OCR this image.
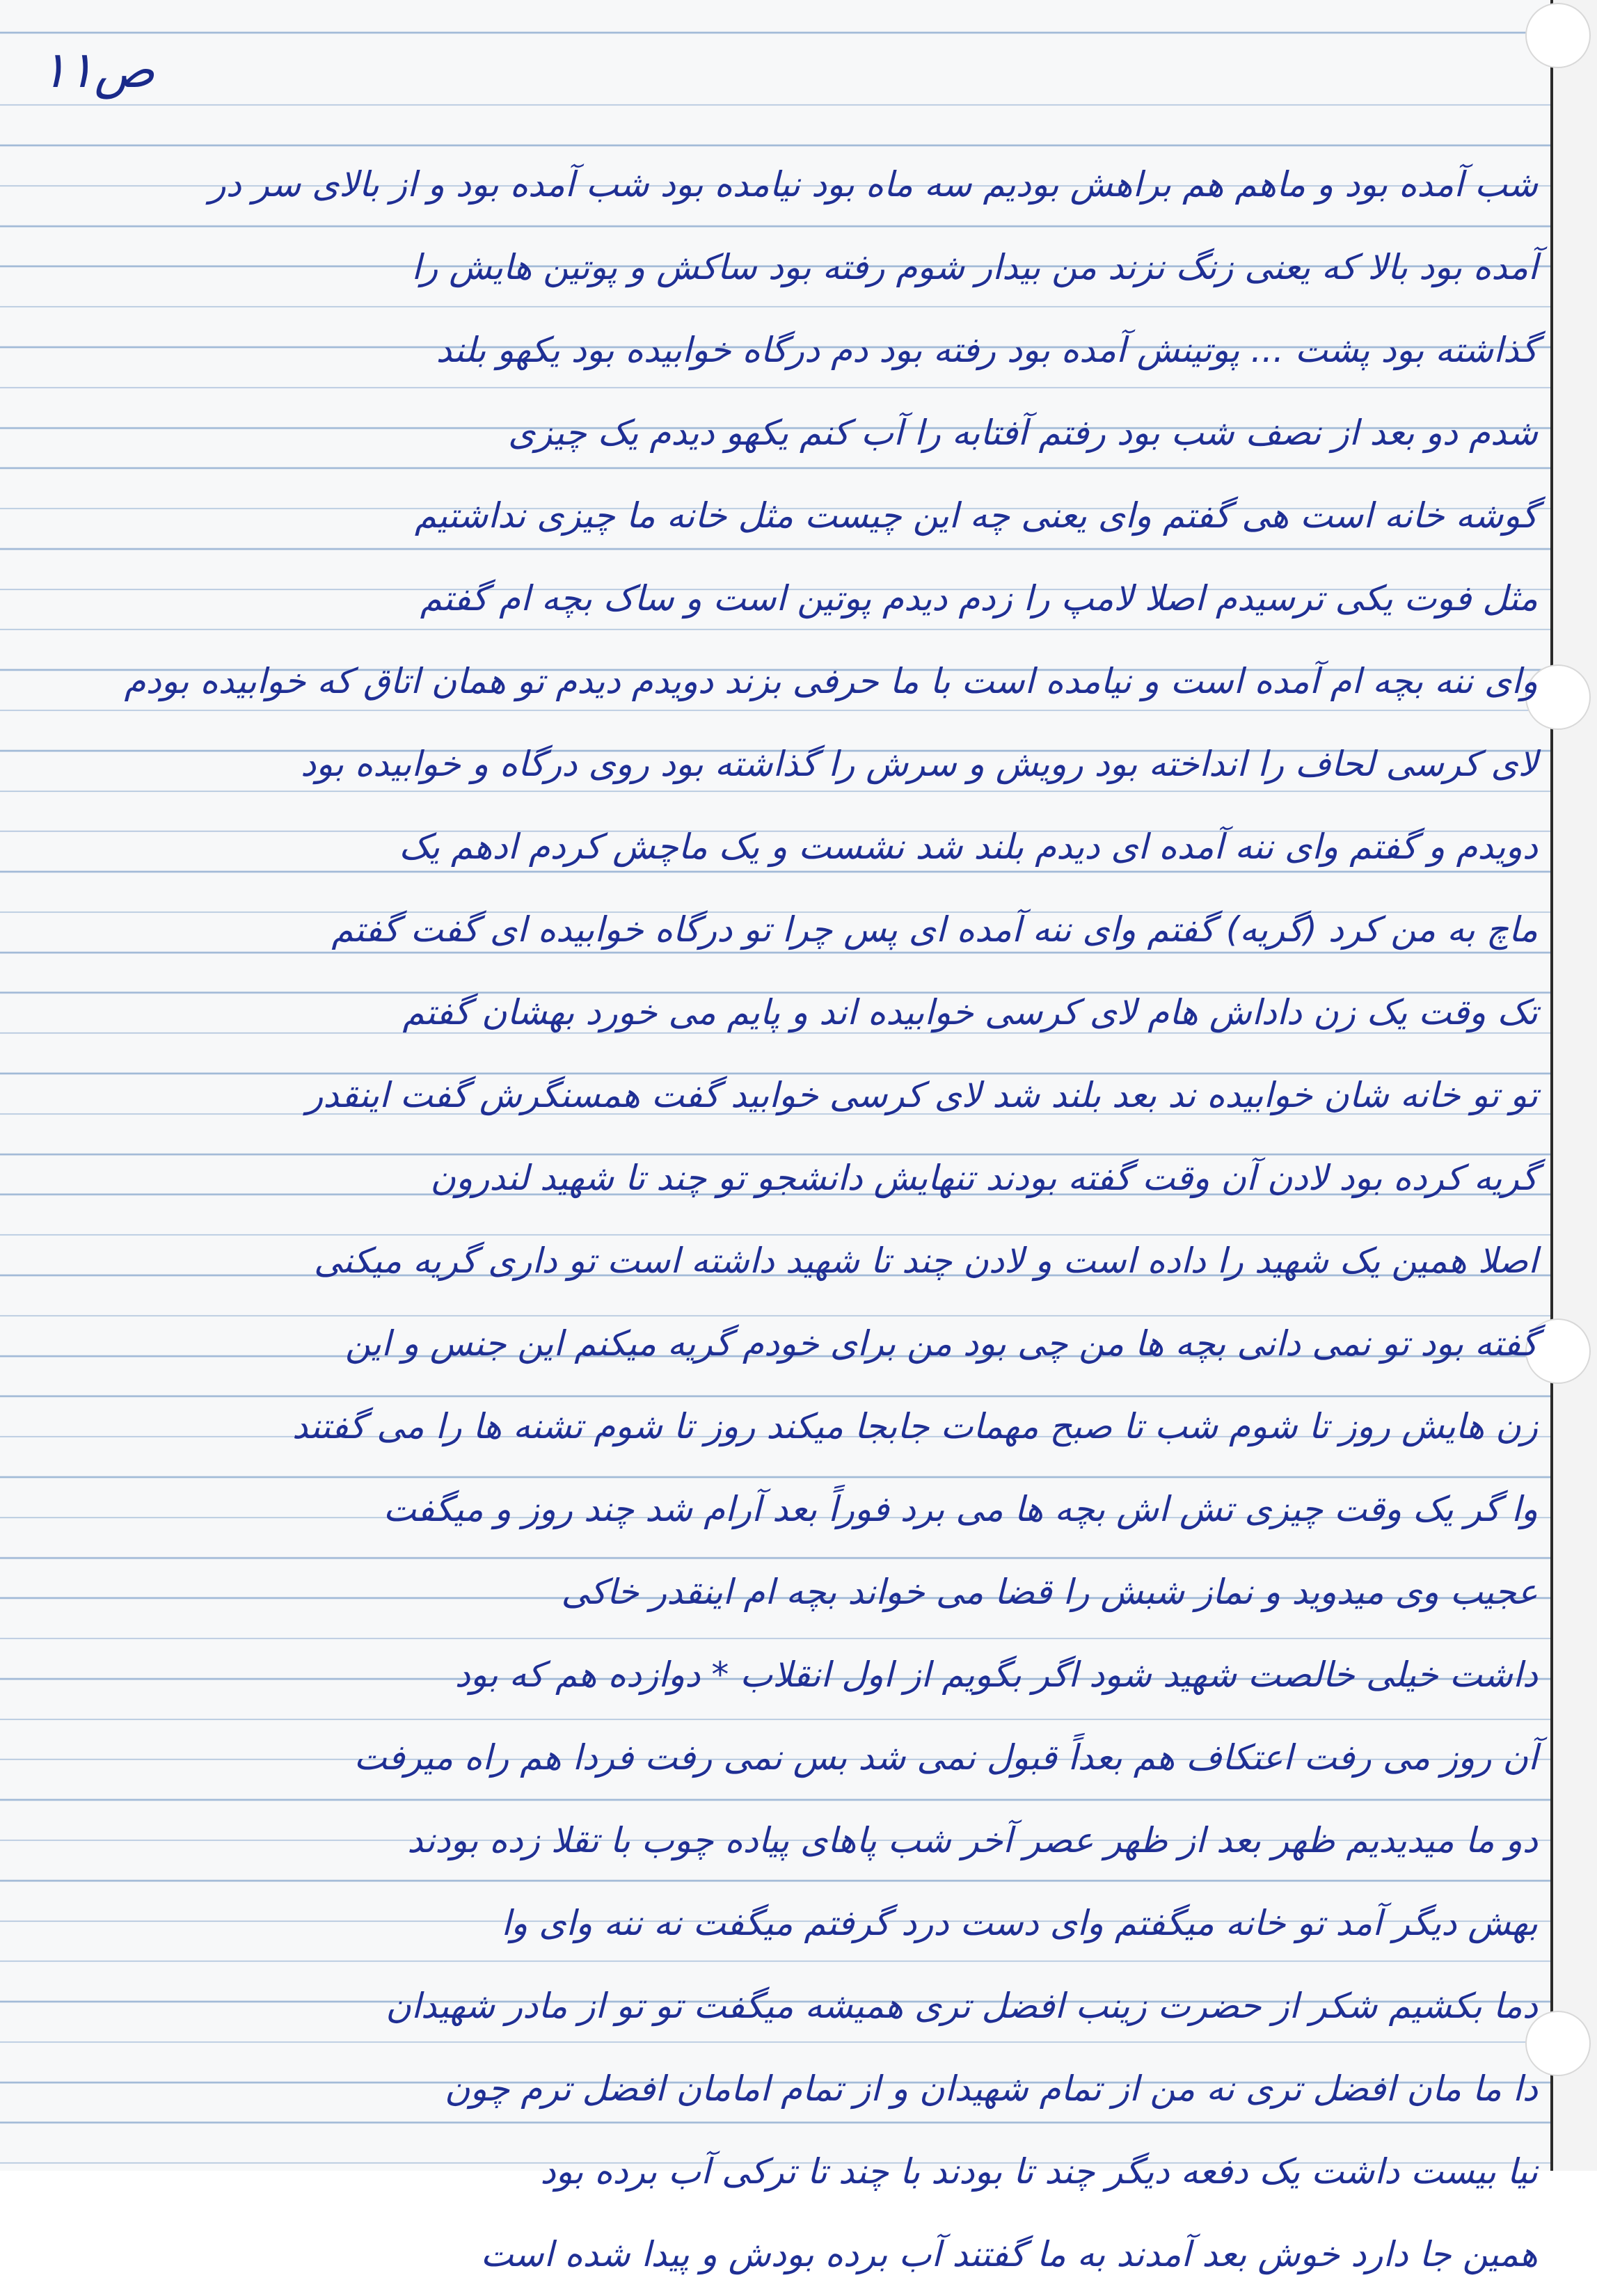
ص۱۱
شب آمده بود و ماهم هم براهش بودیم سه ماه بود نیامده بود شب آمده بود و از بالای سر در
آمده بود بالا که یعنی زنگ نزند من بیدار شوم رفته بود ساکش و پوتین هایش را
گذاشته بود پشت ... پوتینش آمده بود رفته بود دم درگاه خوابیده بود یکهو بلند
شدم دو بعد از نصف شب بود رفتم آفتابه را آب کنم یکهو دیدم یک چیزی
گوشه خانه است هی گفتم وای یعنی چه این چیست مثل خانه ما چیزی نداشتیم
مثل فوت یکی ترسیدم اصلا لامپ را زدم دیدم پوتین است و ساک بچه ام گفتم
وای ننه بچه ام آمده است و نیامده است با ما حرفی بزند دویدم دیدم تو همان اتاق که خوابیده بودم
لای کرسی لحاف را انداخته بود رویش و سرش را گذاشته بود روی درگاه و خوابیده بود
دویدم و گفتم وای ننه آمده ای دیدم بلند شد نشست و یک ماچش کردم ادهم یک
ماچ به من کرد (گریه) گفتم وای ننه آمده ای پس چرا تو درگاه خوابیده ای گفت گفتم
تک وقت یک زن داداش هام لای کرسی خوابیده اند و پایم می خورد بهشان گفتم
تو تو خانه شان خوابیده ند بعد بلند شد لای کرسی خوابید گفت همسنگرش گفت اینقدر
گریه کرده بود لادن آن وقت گفته بودند تنهایش دانشجو تو چند تا شهید لندرون
اصلا همین یک شهید را داده است و لادن چند تا شهید داشته است تو داری گریه میکنی
گفته بود تو نمی دانی بچه ها من چی بود من برای خودم گریه میکنم این جنس و این
زن هایش روز تا شوم شب تا صبح مهمات جابجا میکند روز تا شوم تشنه ها را می گفتند
وا گر یک وقت چیزی تش اش بچه ها می برد فوراً بعد آرام شد چند روز و میگفت
عجیب وی میدوید و نماز شبش را قضا می خواند بچه ام اینقدر خاکی
داشت خیلی خالصت شهید شود اگر بگویم از اول انقلاب * دوازده هم که بود
آن روز می رفت اعتکاف هم بعداً قبول نمی شد بس نمی رفت فردا هم راه میرفت
دو ما میدیدیم ظهر بعد از ظهر عصر آخر شب پاهای پیاده چوب با تقلا زده بودند
بهش دیگر آمد تو خانه میگفتم وای دست درد گرفتم میگفت نه ننه وای وا
دما بکشیم شکر از حضرت زینب افضل تری همیشه میگفت تو تو از مادر شهیدان
دا ما مان افضل تری نه من از تمام شهیدان و از تمام امامان افضل ترم چون
نیا بیست داشت یک دفعه دیگر چند تا بودند با چند تا ترکی آب برده بود
همین جا دارد خوش بعد آمدند به ما گفتند آب برده بودش و پیدا شده است
